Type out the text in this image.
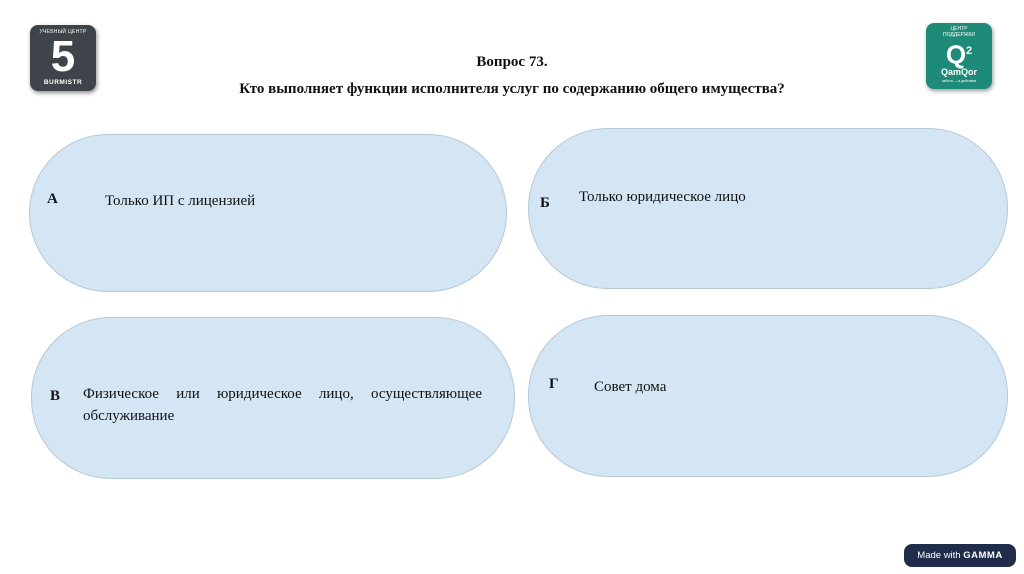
УЧЕБНЫЙ ЦЕНТР
5
BURMISTR
ЦЕНТР
ПОДДЕРЖКИ
$Q^2$
QamQor
забота — в действии
Вопрос 73.
Кто выполняет функции исполнителя услуг по содержанию общего имущества?
А	Только ИП с лицензией	Б Только юридическое лицо
В Физическое или юридическое лицо, осуществляющее обслуживание
Г Совет дома
Made with GAMMA
